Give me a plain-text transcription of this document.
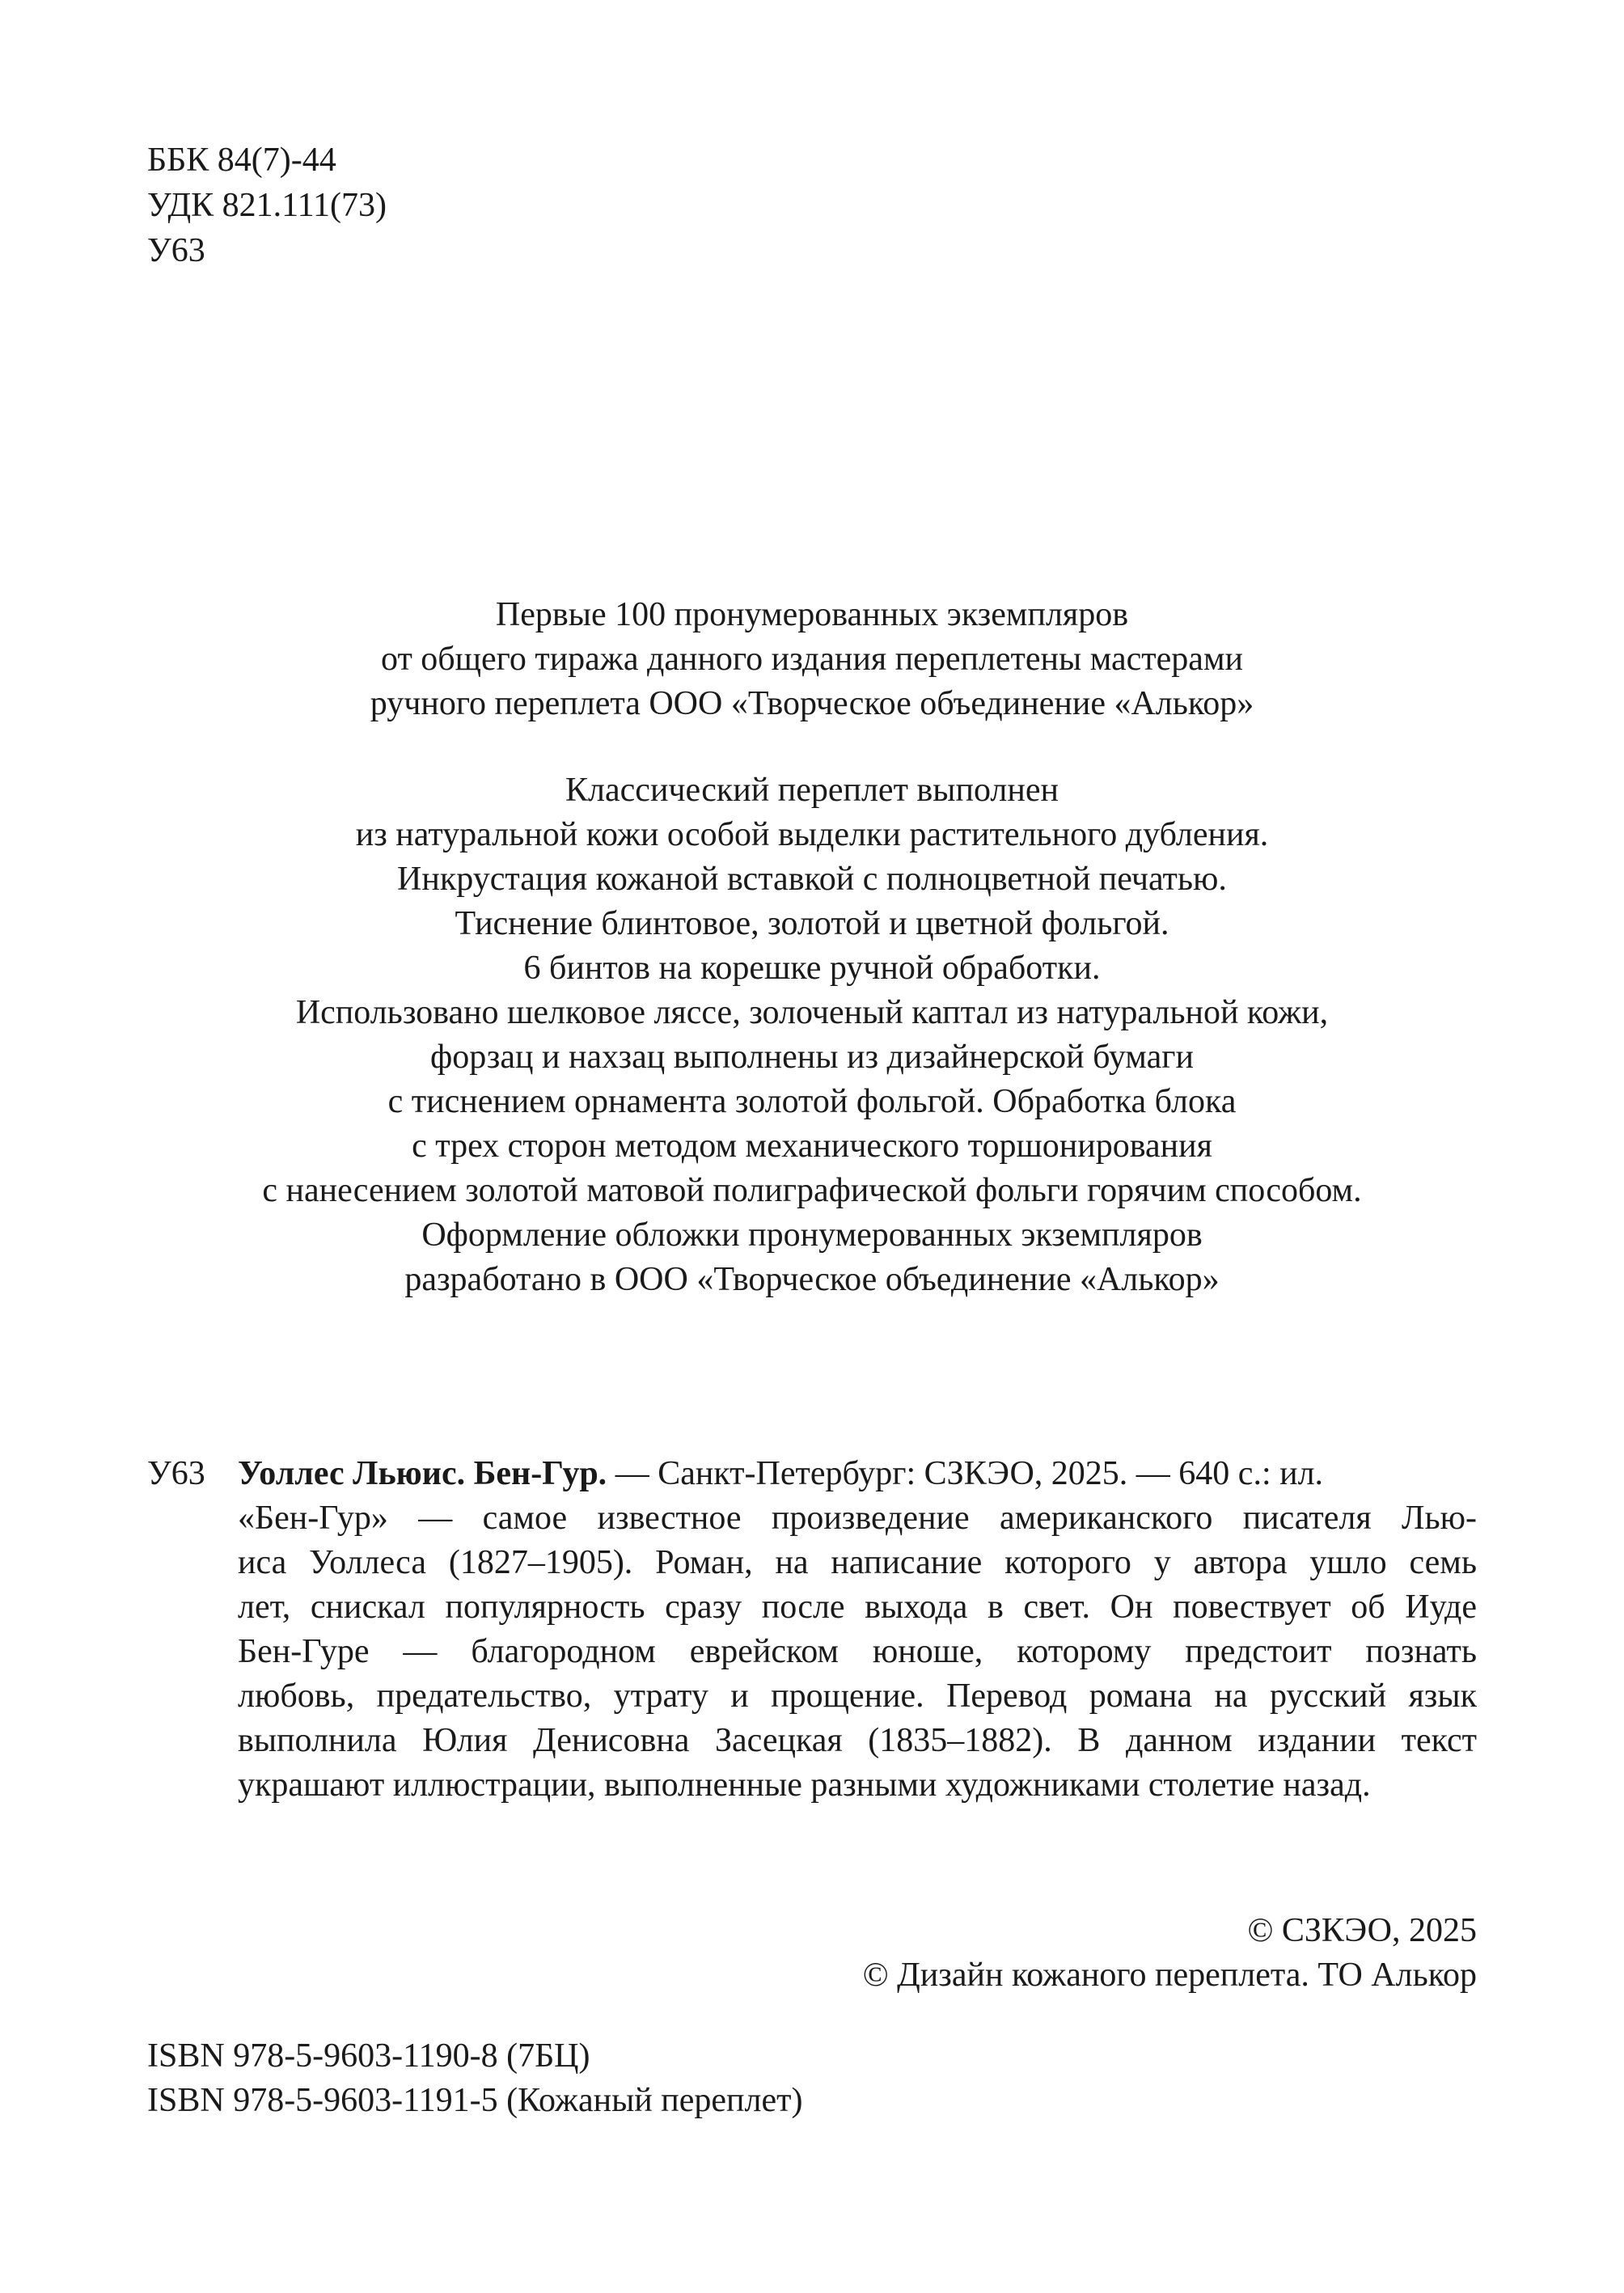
ББК 84(7)-44
УДК 821.111(73)
У63
Первые 100 пронумерованных экземпляров
от общего тиража данного издания переплетены мастерами
ручного переплета ООО «Творческое объединение «Алькор»
Классический переплет выполнен
из натуральной кожи особой выделки растительного дубления.
Инкрустация кожаной вставкой с полноцветной печатью.
Тиснение блинтовое, золотой и цветной фольгой.
6 бинтов на корешке ручной обработки.
Использовано шелковое ляссе, золоченый каптал из натуральной кожи,
форзац и нахзац выполнены из дизайнерской бумаги
с тиснением орнамента золотой фольгой. Обработка блока
с трех сторон методом механического торшонирования
с нанесением золотой матовой полиграфической фольги горячим способом.
Оформление обложки пронумерованных экземпляров
разработано в ООО «Творческое объединение «Алькор»
У63 Уоллес Льюис. Бен-Гур. — Санкт-Петербург: СЗКЭО, 2025. — 640 с.: ил.
«Бен-Гур» — самое известное произведение американского писателя Лью-
иса Уоллеса (1827–1905). Роман, на написание которого у автора ушло семь
лет, снискал популярность сразу после выхода в свет. Он повествует об Иуде
Бен-Гуре — благородном еврейском юноше, которому предстоит познать
любовь, предательство, утрату и прощение. Перевод романа на русский язык
выполнила Юлия Денисовна Засецкая (1835–1882). В данном издании текст
украшают иллюстрации, выполненные разными художниками столетие назад.
© СЗКЭО, 2025
© Дизайн кожаного переплета. ТО Алькор
ISBN 978-5-9603-1190-8 (7БЦ)
ISBN 978-5-9603-1191-5 (Кожаный переплет)
